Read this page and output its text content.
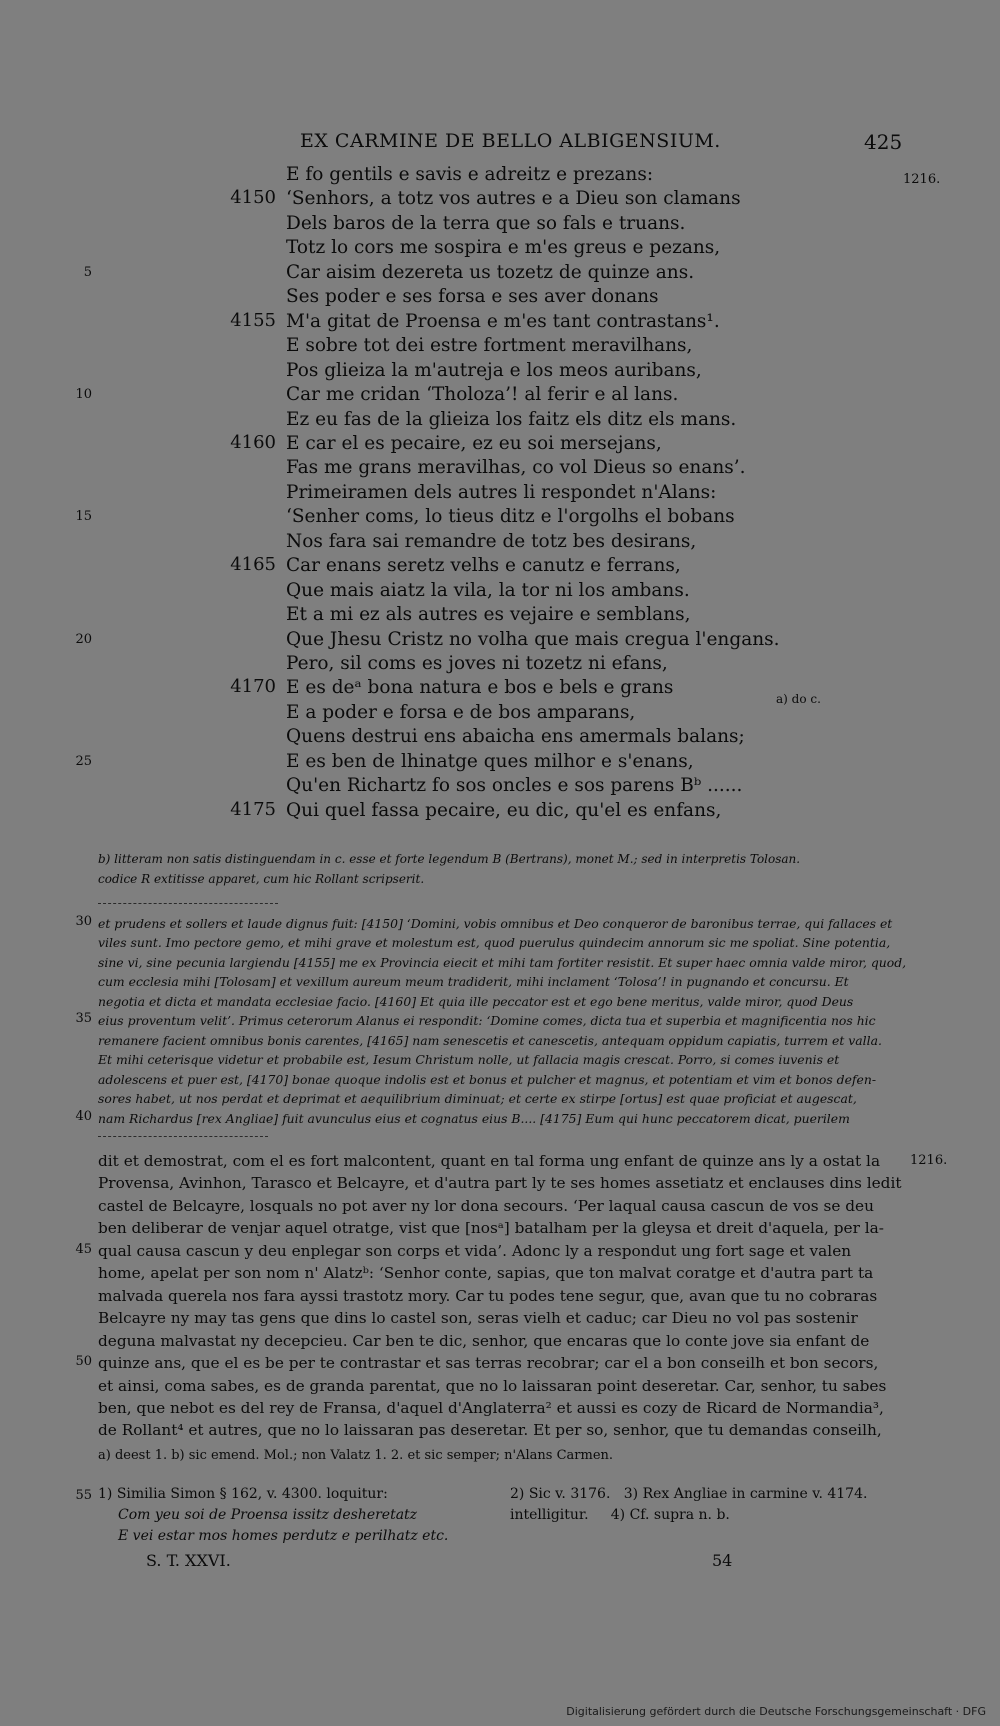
EX CARMINE DE BELLO ALBIGENSIUM.	425
1216.
E fo gentils e savis e adreitz e prezans:
4150 ‘Senhors, a totz vos autres e a Dieu son clamans
Dels baros de la terra que so fals e truans.
Totz lo cors me sospira e m'es greus e pezans,
Car aisim dezereta us tozetz de quinze ans.
Ses poder e ses forsa e ses aver donans
4155 M'a gitat de Proensa e m'es tant contrastans¹.
E sobre tot dei estre fortment meravilhans,
Pos glieiza la m'autreja e los meos auribans,
Car me cridan ‘Tholoza’! al ferir e al lans.
Ez eu fas de la glieiza los faitz els ditz els mans.
4160 E car el es pecaire, ez eu soi mersejans,
Fas me grans meravilhas, co vol Dieus so enans’.
Primeiramen dels autres li respondet n'Alans:
‘Senher coms, lo tieus ditz e l'orgolhs el bobans
Nos fara sai remandre de totz bes desirans,
4165 Car enans seretz velhs e canutz e ferrans,
Que mais aiatz la vila, la tor ni los ambans.
Et a mi ez als autres es vejaire e semblans,
Que Jhesu Cristz no volha que mais cregua l'engans.
Pero, sil coms es joves ni tozetz ni efans,
4170 E es deᵃ bona natura e bos e bels e grans
E a poder e forsa e de bos amparans,
Quens destrui ens abaicha ens amermals balans;
E es ben de lhinatge ques milhor e s'enans,
Qu'en Richartz fo sos oncles e sos parens Bᵇ ......
4175 Qui quel fassa pecaire, eu dic, qu'el es enfans,
5
10
15
20
25
a) do c.
b) litteram non satis distinguendam in c. esse et forte legendum B (Bertrans), monet M.; sed in interpretis Tolosan.
codice R extitisse apparet, cum hic Rollant scripserit.
30 et prudens et sollers et laude dignus fuit: [4150] ‘Domini, vobis omnibus et Deo conqueror de baronibus terrae, qui fallaces et
viles sunt. Imo pectore gemo, et mihi grave et molestum est, quod puerulus quindecim annorum sic me spoliat. Sine potentia,
sine vi, sine pecunia largiendu [4155] me ex Provincia eiecit et mihi tam fortiter resistit. Et super haec omnia valde miror, quod,
cum ecclesia mihi [Tolosam] et vexillum aureum meum tradiderit, mihi inclament ‘Tolosa’! in pugnando et concursu. Et
negotia et dicta et mandata ecclesiae facio. [4160] Et quia ille peccator est et ego bene meritus, valde miror, quod Deus
35 eius proventum velit’. Primus ceterorum Alanus ei respondit: ‘Domine comes, dicta tua et superbia et magnificentia nos hic
remanere facient omnibus bonis carentes, [4165] nam senescetis et canescetis, antequam oppidum capiatis, turrem et valla.
Et mihi ceterisque videtur et probabile est, Iesum Christum nolle, ut fallacia magis crescat. Porro, si comes iuvenis et
adolescens et puer est, [4170] bonae quoque indolis est et bonus et pulcher et magnus, et potentiam et vim et bonos defen-
sores habet, ut nos perdat et deprimat et aequilibrium diminuat; et certe ex stirpe [ortus] est quae proficiat et augescat,
40 nam Richardus [rex Angliae] fuit avunculus eius et cognatus eius B.... [4175] Eum qui hunc peccatorem dicat, puerilem
1216.
dit et demostrat, com el es fort malcontent, quant en tal forma ung enfant de quinze ans ly a ostat la
Provensa, Avinhon, Tarasco et Belcayre, et d'autra part ly te ses homes assetiatz et enclauses dins ledit
castel de Belcayre, losquals no pot aver ny lor dona secours. ‘Per laqual causa cascun de vos se deu
ben deliberar de venjar aquel otratge, vist que [nosᵃ] batalham per la gleysa et dreit d'aquela, per la-
45 qual causa cascun y deu enplegar son corps et vida’. Adonc ly a respondut ung fort sage et valen
home, apelat per son nom n' Alatzᵇ: ‘Senhor conte, sapias, que ton malvat coratge et d'autra part ta
malvada querela nos fara ayssi trastotz mory. Car tu podes tene segur, que, avan que tu no cobraras
Belcayre ny may tas gens que dins lo castel son, seras vielh et caduc; car Dieu no vol pas sostenir
deguna malvastat ny decepcieu. Car ben te dic, senhor, que encaras que lo conte jove sia enfant de
50 quinze ans, que el es be per te contrastar et sas terras recobrar; car el a bon conseilh et bon secors,
et ainsi, coma sabes, es de granda parentat, que no lo laissaran point deseretar. Car, senhor, tu sabes
ben, que nebot es del rey de Fransa, d'aquel d'Anglaterra² et aussi es cozy de Ricard de Normandia³,
de Rollant⁴ et autres, que no lo laissaran pas deseretar. Et per so, senhor, que tu demandas conseilh,
a) deest 1. b) sic emend. Mol.; non Valatz 1. 2. et sic semper; n'Alans Carmen.
55 1) Similia Simon § 162, v. 4300. loquitur:
Com yeu soi de Proensa issitz desheretatz
E vei estar mos homes perdutz e perilhatz etc.
2) Sic v. 3176.   3) Rex Angliae in carmine v. 4174.
intelligitur.     4) Cf. supra n. b.
S. T. XXVI.	54
Digitalisierung gefördert durch die Deutsche Forschungsgemeinschaft · DFG
